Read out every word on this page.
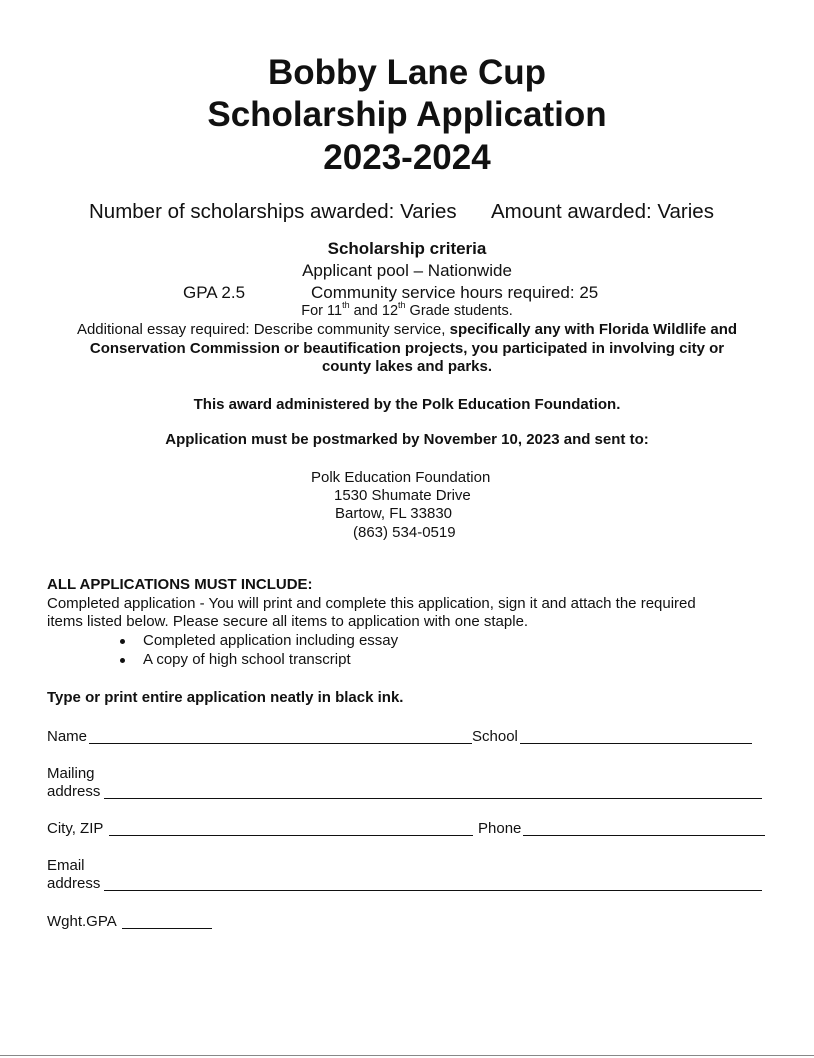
Bobby Lane Cup
Scholarship Application
2023-2024
Number of scholarships awarded: Varies Amount awarded: Varies
Scholarship criteria
Applicant pool – Nationwide
GPA 2.5	Community service hours required: 25
For 11th and 12th Grade students.
Additional essay required: Describe community service, specifically any with Florida Wildlife and
Conservation Commission or beautification projects, you participated in involving city or
county lakes and parks.
This award administered by the Polk Education Foundation.
Application must be postmarked by November 10, 2023 and sent to:
Polk Education Foundation
1530 Shumate Drive
Bartow, FL 33830
(863) 534-0519
ALL APPLICATIONS MUST INCLUDE:
Completed application - You will print and complete this application, sign it and attach the required
items listed below. Please secure all items to application with one staple.
Completed application including essay
A copy of high school transcript
Type or print entire application neatly in black ink.
Name	School
Mailing
address
City, ZIP	Phone
Email
address
Wght.GPA
